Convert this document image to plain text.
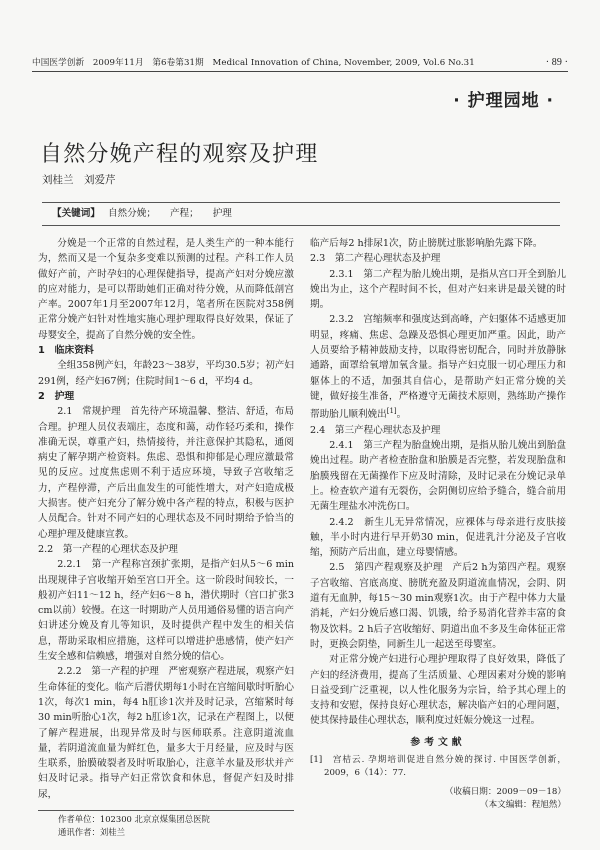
中国医学创新　2009年11月　第6卷第31期　Medical Innovation of China, November, 2009, Vol.6 No.31	· 89 ·
· 护理园地 ·
自然分娩产程的观察及护理
刘桂兰　刘爱芹
【关键词】 自然分娩； 产程； 护理

分娩是一个正常的自然过程，是人类生产的一种本能行为，然而又是一个复杂多变难以预测的过程。产科工作人员做好产前，产时孕妇的心理保健指导，提高产妇对分娩应激的应对能力，是可以帮助她们正确对待分娩，从而降低剖宫产率。2007年1月至2007年12月，笔者所在医院对358例正常分娩产妇针对性地实施心理护理取得良好效果，保证了母婴安全，提高了自然分娩的安全性。

1　临床资料

全组358例产妇，年龄23～38岁，平均30.5岁；初产妇291例，经产妇67例；住院时间1～6 d，平均4 d。

2　护理

2.1　常规护理　首先待产环境温馨、整洁、舒适，布局合理。护理人员仪表端庄，态度和蔼，动作轻巧柔和，操作准确无误，尊重产妇，热情接待，并注意保护其隐私，通阅病史了解孕期产检资料。焦虑、恐惧和抑郁是心理应激最常见的反应。过度焦虑则不利于适应环境，导致子宫收缩乏力，产程停滞，产后出血发生的可能性增大，对产妇造成极大损害。使产妇充分了解分娩中各产程的特点，积极与医护人员配合。针对不同产妇的心理状态及不同时期给予恰当的心理护理及健康宣教。

2.2　第一产程的心理状态及护理

2.2.1　第一产程称宫颈扩张期，是指产妇从5～6 min出现规律子宫收缩开始至宫口开全。这一阶段时间较长，一般初产妇11～12 h，经产妇6～8 h，潜伏期时（宫口扩张3 cm以前）较慢。在这一时期助产人员用通俗易懂的语言向产妇讲述分娩及育儿等知识，及时提供产程中发生的相关信息，帮助采取相应措施，这样可以增进护患感情，使产妇产生安全感和信赖感，增强对自然分娩的信心。

2.2.2　第一产程的护理　严密观察产程进展，观察产妇生命体征的变化。临产后潜伏期每1小时在宫缩间歇时听胎心1次，每次1 min，每4 h肛诊1次并及时记录，宫缩紧时每30 min听胎心1次，每2 h肛诊1次，记录在产程图上，以便了解产程进展，出现异常及时与医师联系。注意阴道流血量，若阴道流血量为鲜红色，量多大于月经量，应及时与医生联系，胎膜破裂者及时听取胎心，注意羊水量及形状并产妇及时记录。指导产妇正常饮食和休息，督促产妇及时排尿，

临产后每2 h排尿1次，防止膀胱过胀影响胎先露下降。

2.3　第二产程心理状态及护理

2.3.1　第二产程为胎儿娩出期，是指从宫口开全到胎儿娩出为止，这个产程时间不长，但对产妇来讲是最关键的时期。

2.3.2　宫缩频率和强度达到高峰，产妇躯体不适感更加明显，疼痛、焦虑、急躁及恐惧心理更加严重。因此，助产人员要给予精神鼓励支持，以取得密切配合，同时并放静脉通路，面罩给氧增加氧含量。指导产妇克服一切心理压力和躯体上的不适，加强其自信心，是帮助产妇正常分娩的关键，做好接生准备，严格遵守无菌技术原则，熟练助产操作帮助胎儿顺利娩出[1]。

2.4　第三产程心理状态及护理

2.4.1　第三产程为胎盘娩出期，是指从胎儿娩出到胎盘娩出过程。助产者检查胎盘和胎膜是否完整，若发现胎盘和胎膜残留在无菌操作下应及时清除，及时记录在分娩记录单上。检查软产道有无裂伤，会阴侧切应给予缝合，缝合前用无菌生理盐水冲洗伤口。

2.4.2　新生儿无异常情况，应裸体与母亲进行皮肤接触，半小时内进行早开奶30 min，促进乳汁分泌及子宫收缩，预防产后出血，建立母婴情感。

2.5　第四产程观察及护理　产后2 h为第四产程。观察子宫收缩、宫底高度、膀胱充盈及阴道流血情况，会阴、阴道有无血肿，每15～30 min观察1次。由于产程中体力大量消耗，产妇分娩后感口渴、饥饿，给予易消化营养丰富的食物及饮料。2 h后子宫收缩好、阴道出血不多及生命体征正常时，更换会阴垫，同新生儿一起送至母婴室。

对正常分娩产妇进行心理护理取得了良好效果，降低了产妇的经济费用，提高了生活质量、心理因素对分娩的影响日益受到广泛重视，以人性化服务为宗旨，给予其心理上的支持和安慰，保持良好心理状态，解决临产妇的心理问题，使其保持最佳心理状态，顺利度过妊娠分娩这一过程。

参考文献
[1]　宫桔云. 孕期培训促进自然分娩的探讨. 中国医学创新，2009，6（14）：77.
（收稿日期：2009－09－18）
（本文编辑：程旭然）
作者单位：102300 北京京煤集团总医院
通讯作者：刘桂兰
